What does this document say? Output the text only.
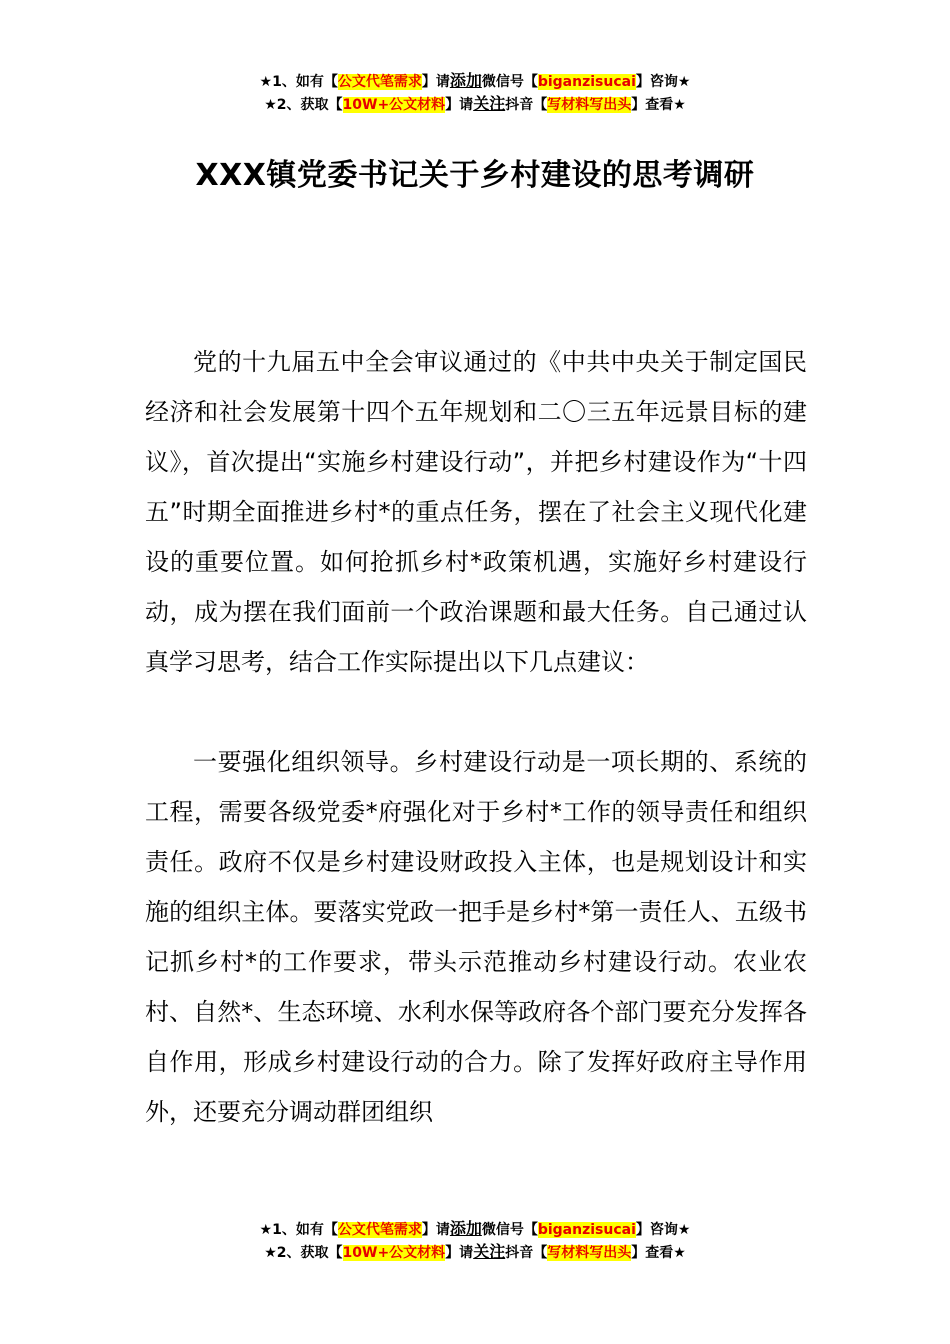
★1、如有【公文代笔需求】请添加微信号【biganzisucai】咨询★
★2、获取【10W+公文材料】请关注抖音【写材料写出头】查看★
XXX镇党委书记关于乡村建设的思考调研

党的十九届五中全会审议通过的《中共中央关于制定国民经济和社会发展第十四个五年规划和二〇三五年远景目标的建议》，首次提出“实施乡村建设行动”，并把乡村建设作为“十四五”时期全面推进乡村*的重点任务，摆在了社会主义现代化建设的重要位置。如何抢抓乡村*政策机遇，实施好乡村建设行动，成为摆在我们面前一个政治课题和最大任务。自己通过认真学习思考，结合工作实际提出以下几点建议：

一要强化组织领导。乡村建设行动是一项长期的、系统的工程，需要各级党委*府强化对于乡村*工作的领导责任和组织责任。政府不仅是乡村建设财政投入主体，也是规划设计和实施的组织主体。要落实党政一把手是乡村*第一责任人、五级书记抓乡村*的工作要求，带头示范推动乡村建设行动。农业农村、自然*、生态环境、水利水保等政府各个部门要充分发挥各自作用，形成乡村建设行动的合力。除了发挥好政府主导作用外，还要充分调动群团组织

★1、如有【公文代笔需求】请添加微信号【biganzisucai】咨询★
★2、获取【10W+公文材料】请关注抖音【写材料写出头】查看★
